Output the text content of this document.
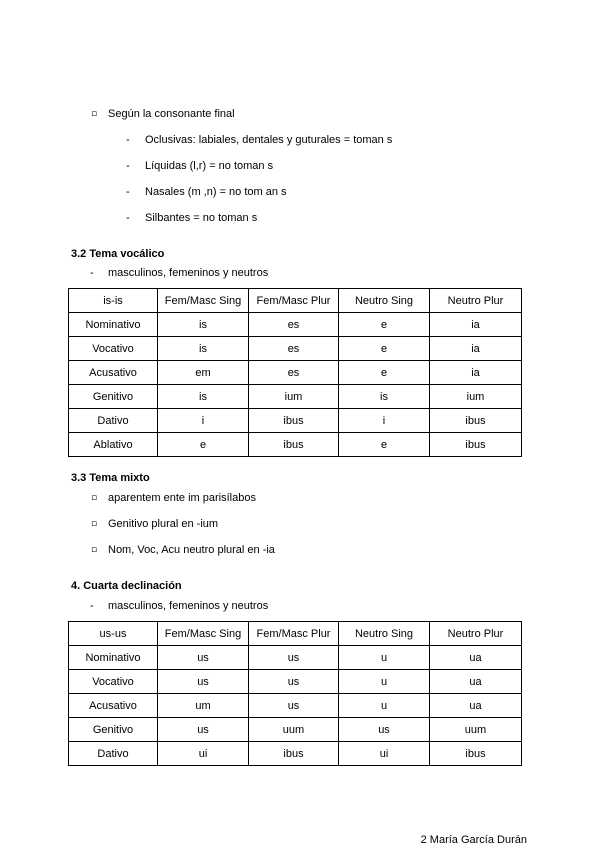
▫ Según la consonante final
- Oclusivas: labiales, dentales y guturales = toman s
- Líquidas (l,r) = no toman s
- Nasales (m ,n) = no tom an s
- Silbantes = no toman s
3.2 Tema vocálico
- masculinos, femeninos y neutros
is-is	Fem/Masc Sing	Fem/Masc Plur	Neutro Sing	Neutro Plur
Nominativo	is	es	e	ia
Vocativo	is	es	e	ia
Acusativo	em	es	e	ia
Genitivo	is	ium	is	ium
Dativo	i	ibus	i	ibus
Ablativo	e	ibus	e	ibus
3.3 Tema mixto
▫ aparentem ente im parisílabos
▫ Genitivo plural en -ium
▫ Nom, Voc, Acu neutro plural en -ia
4. Cuarta declinación
- masculinos, femeninos y neutros
us-us	Fem/Masc Sing	Fem/Masc Plur	Neutro Sing	Neutro Plur
Nominativo	us	us	u	ua
Vocativo	us	us	u	ua
Acusativo	um	us	u	ua
Genitivo	us	uum	us	uum
Dativo	ui	ibus	ui	ibus
2 María García Durán
